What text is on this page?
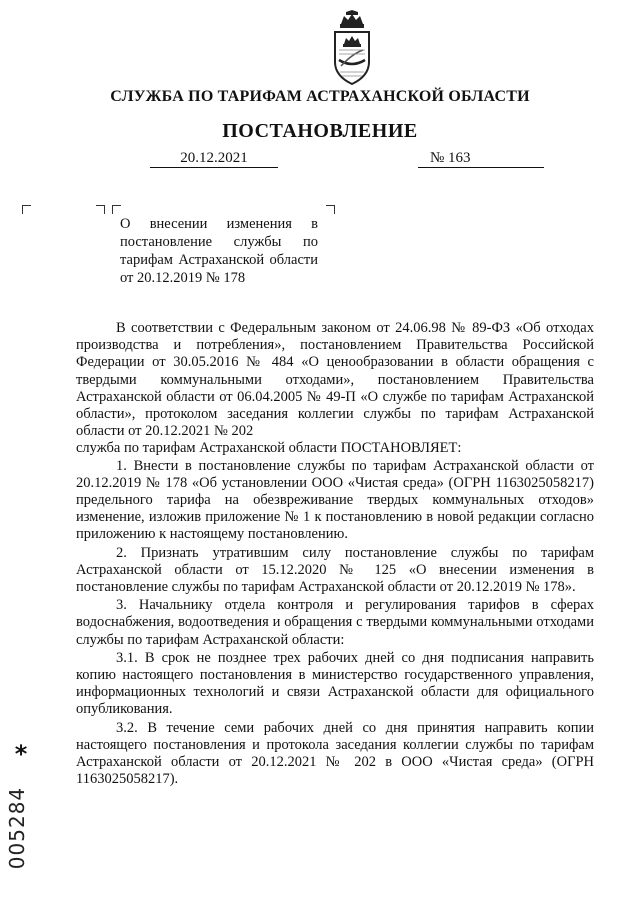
СЛУЖБА ПО ТАРИФАМ АСТРАХАНСКОЙ ОБЛАСТИ
ПОСТАНОВЛЕНИЕ
20.12.2021	№ 163
О внесении изменения в постановление службы по тарифам Астраханской области от 20.12.2019 № 178

В соответствии с Федеральным законом от 24.06.98 № 89-ФЗ «Об отходах производства и потребления», постановлением Правительства Российской Федерации от 30.05.2016 № 484 «О ценообразовании в области обращения с твердыми коммунальными отходами», постановлением Правительства Астраханской области от 06.04.2005 № 49-П «О службе по тарифам Астраханской области», протоколом заседания коллегии службы по тарифам Астраханской области от 20.12.2021 № 202

служба по тарифам Астраханской области ПОСТАНОВЛЯЕТ:

1. Внести в постановление службы по тарифам Астраханской области от 20.12.2019 № 178 «Об установлении ООО «Чистая среда» (ОГРН 1163025058217) предельного тарифа на обезвреживание твердых коммунальных отходов» изменение, изложив приложение № 1 к постановлению в новой редакции согласно приложению к настоящему постановлению.

2. Признать утратившим силу постановление службы по тарифам Астраханской области от 15.12.2020 № 125 «О внесении изменения в постановление службы по тарифам Астраханской области от 20.12.2019 № 178».

3. Начальнику отдела контроля и регулирования тарифов в сферах водоснабжения, водоотведения и обращения с твердыми коммунальными отходами службы по тарифам Астраханской области:

3.1. В срок не позднее трех рабочих дней со дня подписания направить копию настоящего постановления в министерство государственного управления, информационных технологий и связи Астраханской области для официального опубликования.

3.2. В течение семи рабочих дней со дня принятия направить копии настоящего постановления и протокола заседания коллегии службы по тарифам Астраханской области от 20.12.2021 № 202 в ООО «Чистая среда» (ОГРН 1163025058217).

*
005284
